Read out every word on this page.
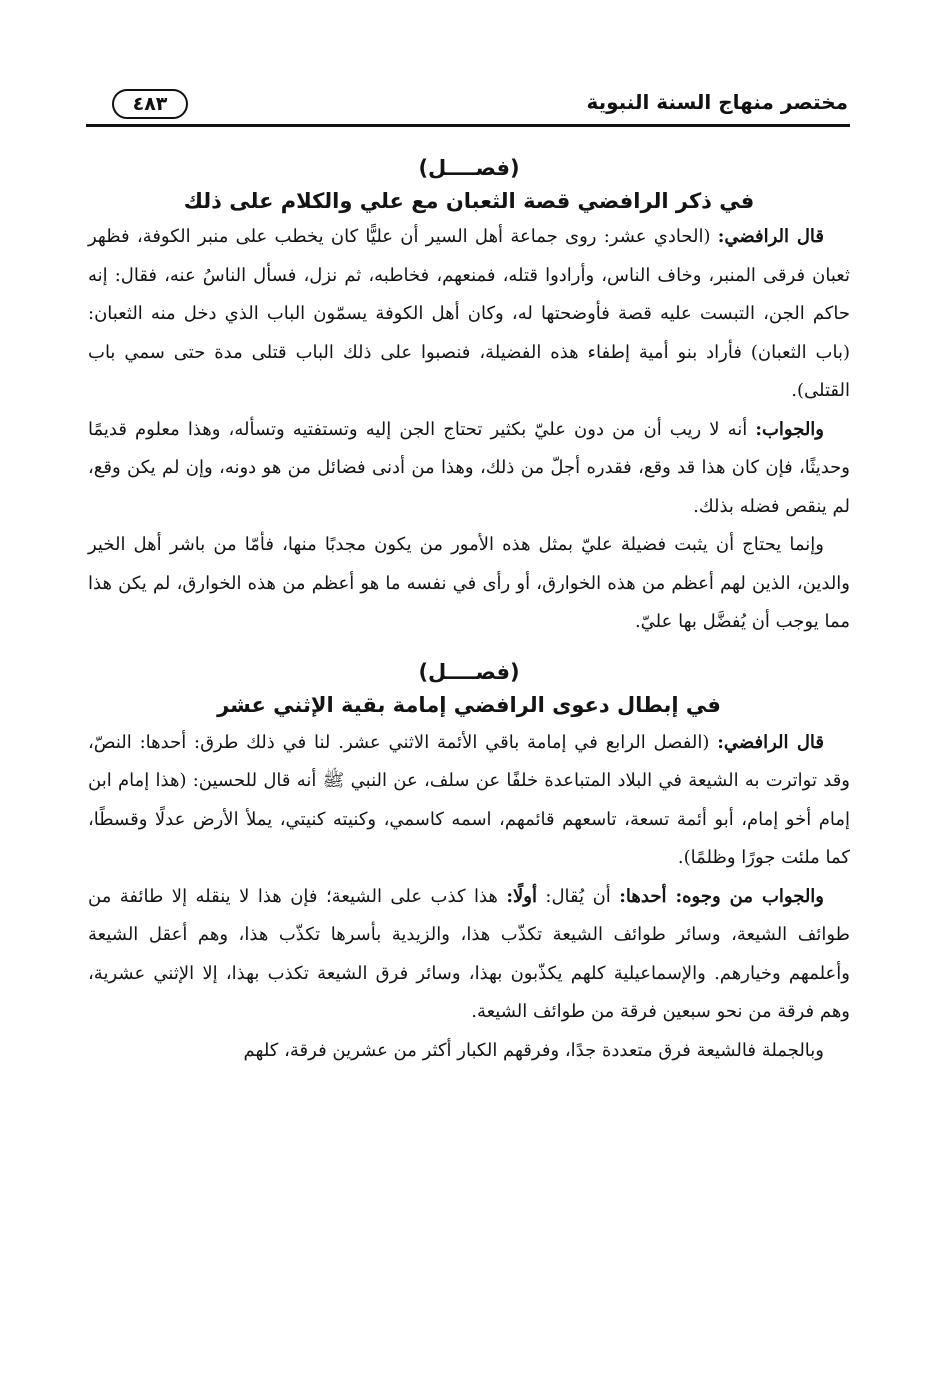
مختصر منهاج السنة النبوية
٤٨٣

(فصــــل)

في ذكر الرافضي قصة الثعبان مع علي والكلام على ذلك

قال الرافضي: (الحادي عشر: روى جماعة أهل السير أن عليًّا كان يخطب على منبر الكوفة، فظهر ثعبان فرقى المنبر، وخاف الناس، وأرادوا قتله، فمنعهم، فخاطبه، ثم نزل، فسأل الناسُ عنه، فقال: إنه حاكم الجن، التبست عليه قصة فأوضحتها له، وكان أهل الكوفة يسمّون الباب الذي دخل منه الثعبان: (باب الثعبان) فأراد بنو أمية إطفاء هذه الفضيلة، فنصبوا على ذلك الباب قتلى مدة حتى سمي باب القتلى).

والجواب: أنه لا ريب أن من دون عليّ بكثير تحتاج الجن إليه وتستفتيه وتسأله، وهذا معلوم قديمًا وحديثًا، فإن كان هذا قد وقع، فقدره أجلّ من ذلك، وهذا من أدنى فضائل من هو دونه، وإن لم يكن وقع، لم ينقص فضله بذلك.

وإنما يحتاج أن يثبت فضيلة عليّ بمثل هذه الأمور من يكون مجدبًا منها، فأمّا من باشر أهل الخير والدين، الذين لهم أعظم من هذه الخوارق، أو رأى في نفسه ما هو أعظم من هذه الخوارق، لم يكن هذا مما يوجب أن يُفضَّل بها عليّ.

(فصــــل)

في إبطال دعوى الرافضي إمامة بقية الإثني عشر

قال الرافضي: (الفصل الرابع في إمامة باقي الأئمة الاثني عشر. لنا في ذلك طرق: أحدها: النصّ، وقد تواترت به الشيعة في البلاد المتباعدة خلفًا عن سلف، عن النبي ﷺ أنه قال للحسين: (هذا إمام ابن إمام أخو إمام، أبو أئمة تسعة، تاسعهم قائمهم، اسمه كاسمي، وكنيته كنيتي، يملأ الأرض عدلًا وقسطًا، كما ملئت جورًا وظلمًا).

والجواب من وجوه: أحدها: أن يُقال: أولًا: هذا كذب على الشيعة؛ فإن هذا لا ينقله إلا طائفة من طوائف الشيعة، وسائر طوائف الشيعة تكذّب هذا، والزيدية بأسرها تكذّب هذا، وهم أعقل الشيعة وأعلمهم وخيارهم. والإسماعيلية كلهم يكذّبون بهذا، وسائر فرق الشيعة تكذب بهذا، إلا الإثني عشرية، وهم فرقة من نحو سبعين فرقة من طوائف الشيعة.

وبالجملة فالشيعة فرق متعددة جدًا، وفرقهم الكبار أكثر من عشرين فرقة، كلهم
